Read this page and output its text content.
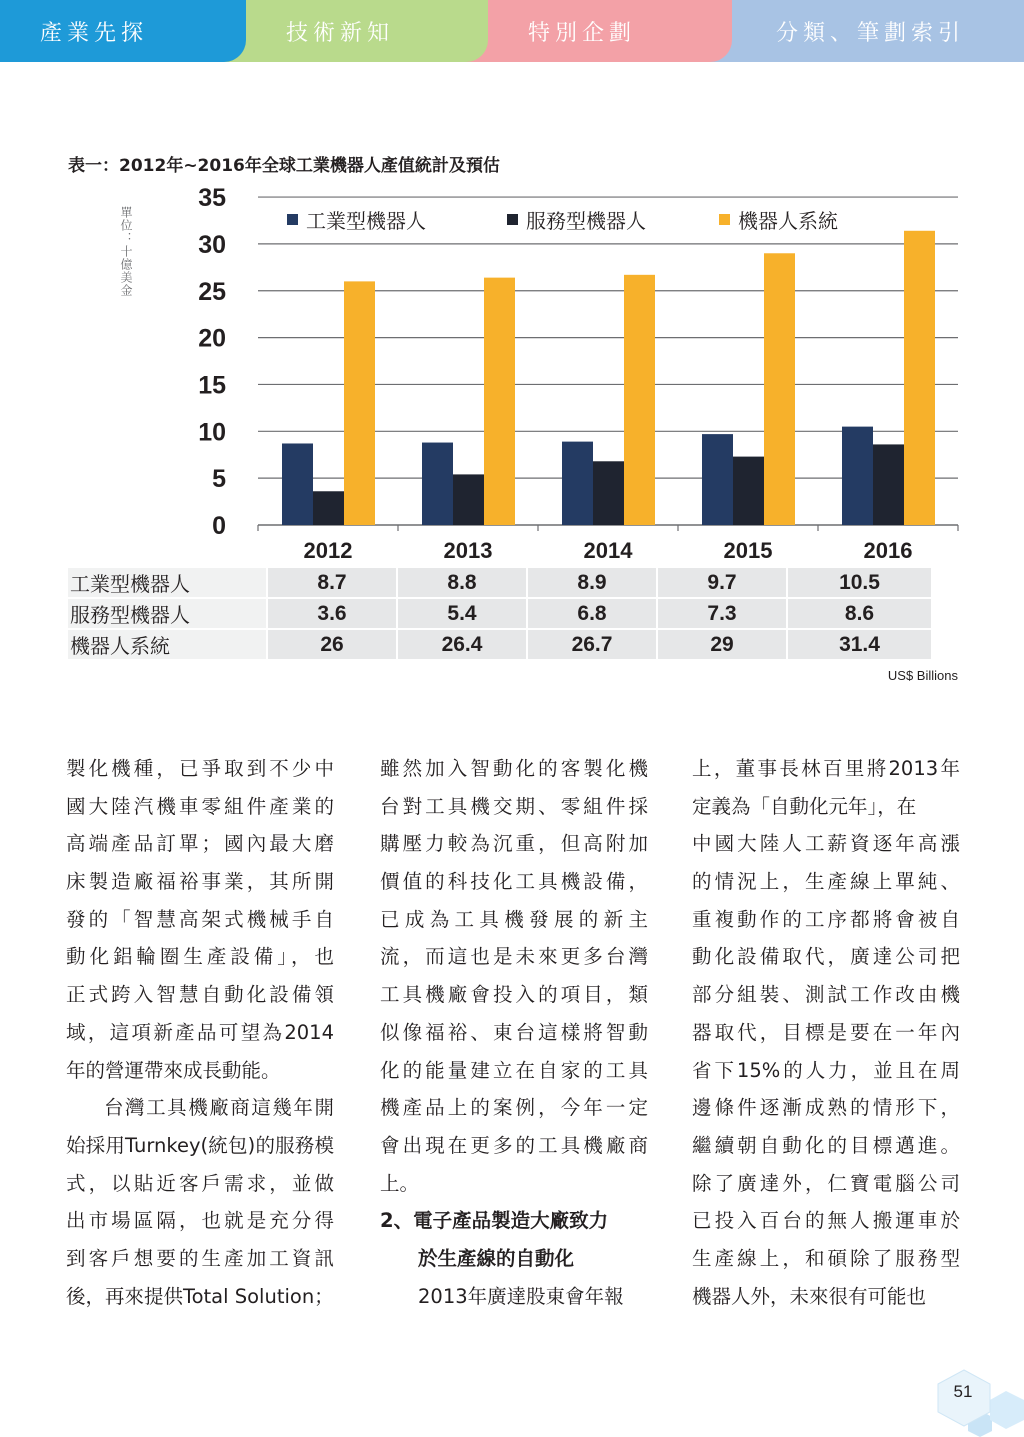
產業先探	技術新知	特別企劃	分類、筆劃索引
表一：2012年~2016年全球工業機器人產值統計及預估
單位：十億美金
0
5
10
15
20
25
30
35
2012	2013	2014	2015	2016
工業型機器人	服務型機器人	機器人系統
工業型機器人	8.7	8.8	8.9	9.7	10.5
服務型機器人	3.6	5.4	6.8	7.3	8.6
機器人系統	26	26.4	26.7	29	31.4
US$ Billions
製化機種，已爭取到不少中
國大陸汽機車零組件產業的
高端產品訂單；國內最大磨
床製造廠福裕事業，其所開
發的「智慧高架式機械手自
動化鋁輪圈生產設備」，也
正式跨入智慧自動化設備領
域，這項新產品可望為2014
年的營運帶來成長動能。
台灣工具機廠商這幾年開
始採用Turnkey(統包)的服務模
式，以貼近客戶需求，並做
出市場區隔，也就是充分得
到客戶想要的生產加工資訊
後，再來提供Total Solution；
雖然加入智動化的客製化機
台對工具機交期、零組件採
購壓力較為沉重，但高附加
價值的科技化工具機設備，
已成為工具機發展的新主
流，而這也是未來更多台灣
工具機廠會投入的項目，類
似像福裕、東台這樣將智動
化的能量建立在自家的工具
機產品上的案例，今年一定
會出現在更多的工具機廠商
上。
2、電子產品製造大廠致力
於生產線的自動化
2013年廣達股東會年報
上，董事長林百里將2013年
定義為「自動化元年」，在
中國大陸人工薪資逐年高漲
的情況上，生產線上單純、
重複動作的工序都將會被自
動化設備取代，廣達公司把
部分組裝、測試工作改由機
器取代，目標是要在一年內
省下15%的人力，並且在周
邊條件逐漸成熟的情形下，
繼續朝自動化的目標邁進。
除了廣達外，仁寶電腦公司
已投入百台的無人搬運車於
生產線上，和碩除了服務型
機器人外，未來很有可能也
51
